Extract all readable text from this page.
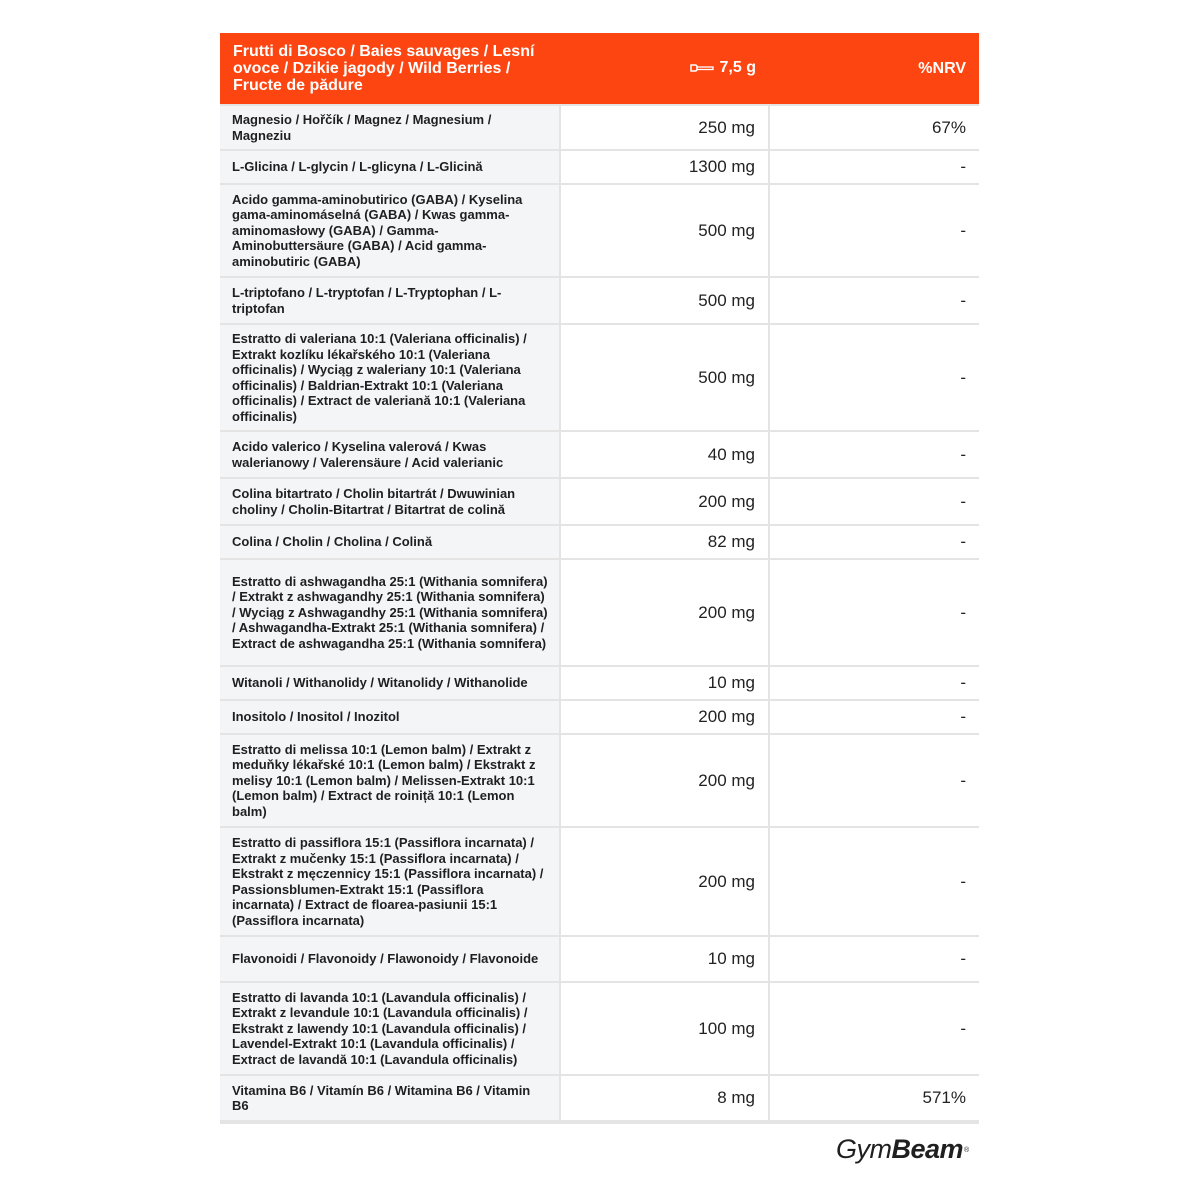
Frutti di Bosco / Baies sauvages / Lesní ovoce / Dzikie jagody / Wild Berries / Fructe de pădure	7,5 g	%NRV
Magnesio / Hořčík / Magnez / Magnesium / Magneziu	250 mg	67%
L-Glicina / L-glycin / L-glicyna / L-Glicină	1300 mg	-
Acido gamma-aminobutirico (GABA) / Kyselina gama-aminomáselná (GABA) / Kwas gamma-aminomasłowy (GABA) / Gamma-Aminobuttersäure (GABA) / Acid gamma-aminobutiric (GABA)	500 mg	-
L-triptofano / L-tryptofan / L-Tryptophan / L-triptofan	500 mg	-
Estratto di valeriana 10:1 (Valeriana officinalis) / Extrakt kozlíku lékařského 10:1 (Valeriana officinalis) / Wyciąg z waleriany 10:1 (Valeriana officinalis) / Baldrian-Extrakt 10:1 (Valeriana officinalis) / Extract de valeriană 10:1 (Valeriana officinalis)	500 mg	-
Acido valerico / Kyselina valerová / Kwas walerianowy / Valerensäure / Acid valerianic	40 mg	-
Colina bitartrato / Cholin bitartrát / Dwuwinian choliny / Cholin-Bitartrat / Bitartrat de colină	200 mg	-
Colina / Cholin / Cholina / Colină	82 mg	-
Estratto di ashwagandha 25:1 (Withania somnifera) / Extrakt z ashwagandhy 25:1 (Withania somnifera) / Wyciąg z Ashwagandhy 25:1 (Withania somnifera) / Ashwagandha-Extrakt 25:1 (Withania somnifera) / Extract de ashwagandha 25:1 (Withania somnifera)	200 mg	-
Witanoli / Withanolidy / Witanolidy / Withanolide	10 mg	-
Inositolo / Inositol / Inozitol	200 mg	-
Estratto di melissa 10:1 (Lemon balm) / Extrakt z meduňky lékařské 10:1 (Lemon balm) / Ekstrakt z melisy 10:1 (Lemon balm) / Melissen-Extrakt 10:1 (Lemon balm) / Extract de roiniță 10:1 (Lemon balm)	200 mg	-
Estratto di passiflora 15:1 (Passiflora incarnata) / Extrakt z mučenky 15:1 (Passiflora incarnata) / Ekstrakt z męczennicy 15:1 (Passiflora incarnata) / Passionsblumen-Extrakt 15:1 (Passiflora incarnata) / Extract de floarea-pasiunii 15:1 (Passiflora incarnata)	200 mg	-
Flavonoidi / Flavonoidy / Flawonoidy / Flavonoide	10 mg	-
Estratto di lavanda 10:1 (Lavandula officinalis) / Extrakt z levandule 10:1 (Lavandula officinalis) / Ekstrakt z lawendy 10:1 (Lavandula officinalis) / Lavendel-Extrakt 10:1 (Lavandula officinalis) / Extract de lavandă 10:1 (Lavandula officinalis)	100 mg	-
Vitamina B6 / Vitamín B6 / Witamina B6 / Vitamin B6	8 mg	571%
GymBeam®
